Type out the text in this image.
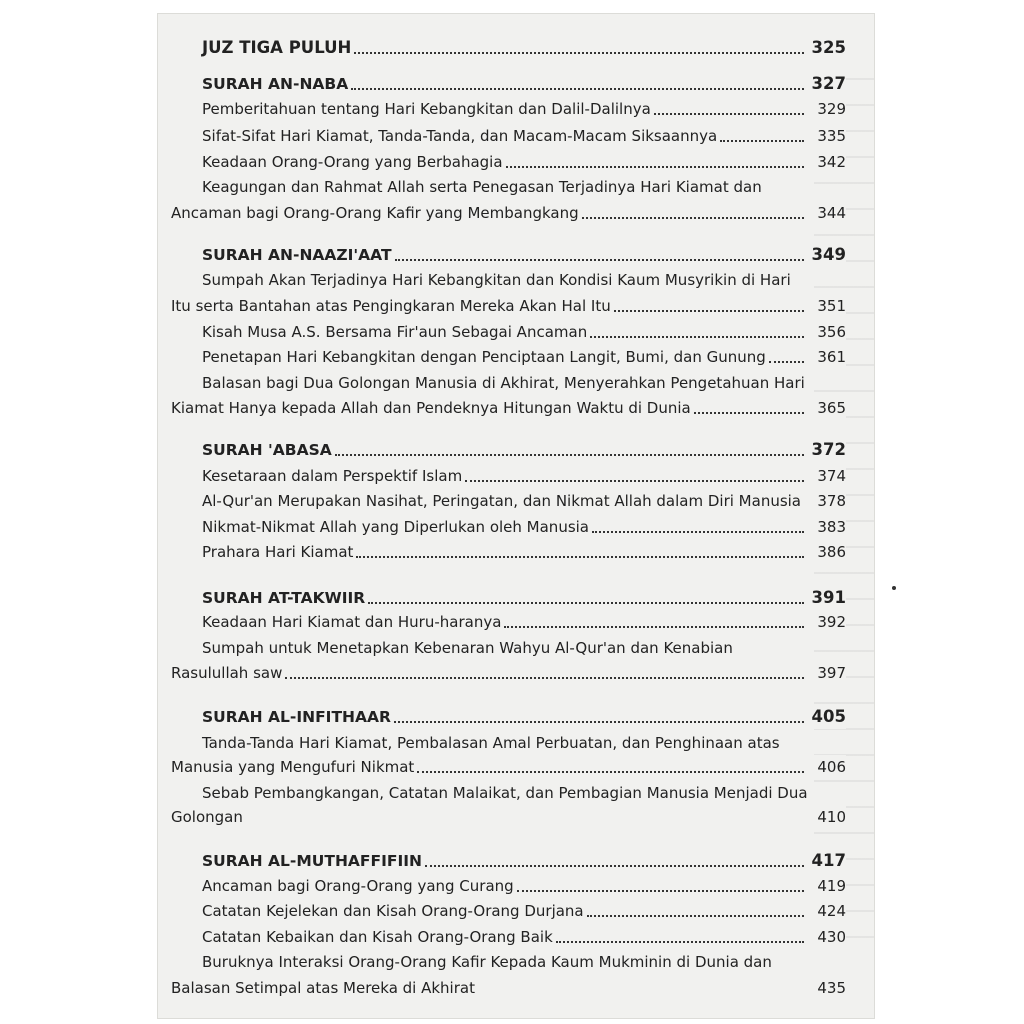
JUZ TIGA PULUH	325
SURAH AN-NABA	327
Pemberitahuan tentang Hari Kebangkitan dan Dalil-Dalilnya	329
Sifat-Sifat Hari Kiamat, Tanda-Tanda, dan Macam-Macam Siksaannya	335
Keadaan Orang-Orang yang Berbahagia	342
Keagungan dan Rahmat Allah serta Penegasan Terjadinya Hari Kiamat dan
Ancaman bagi Orang-Orang Kafir yang Membangkang	344
SURAH AN-NAAZI'AAT	349
Sumpah Akan Terjadinya Hari Kebangkitan dan Kondisi Kaum Musyrikin di Hari
Itu serta Bantahan atas Pengingkaran Mereka Akan Hal Itu	351
Kisah Musa A.S. Bersama Fir'aun Sebagai Ancaman	356
Penetapan Hari Kebangkitan dengan Penciptaan Langit, Bumi, dan Gunung	361
Balasan bagi Dua Golongan Manusia di Akhirat, Menyerahkan Pengetahuan Hari
Kiamat Hanya kepada Allah dan Pendeknya Hitungan Waktu di Dunia	365
SURAH 'ABASA	372
Kesetaraan dalam Perspektif Islam	374
Al-Qur'an Merupakan Nasihat, Peringatan, dan Nikmat Allah dalam Diri Manusia 378
Nikmat-Nikmat Allah yang Diperlukan oleh Manusia	383
Prahara Hari Kiamat	386
SURAH AT-TAKWIIR	391
Keadaan Hari Kiamat dan Huru-haranya	392
Sumpah untuk Menetapkan Kebenaran Wahyu Al-Qur'an dan Kenabian
Rasulullah saw	397
SURAH AL-INFITHAAR	405
Tanda-Tanda Hari Kiamat, Pembalasan Amal Perbuatan, dan Penghinaan atas
Manusia yang Mengufuri Nikmat	406
Sebab Pembangkangan, Catatan Malaikat, dan Pembagian Manusia Menjadi Dua
Golongan	410
SURAH AL-MUTHAFFIFIIN	417
Ancaman bagi Orang-Orang yang Curang	419
Catatan Kejelekan dan Kisah Orang-Orang Durjana	424
Catatan Kebaikan dan Kisah Orang-Orang Baik	430
Buruknya Interaksi Orang-Orang Kafir Kepada Kaum Mukminin di Dunia dan
Balasan Setimpal atas Mereka di Akhirat	435
